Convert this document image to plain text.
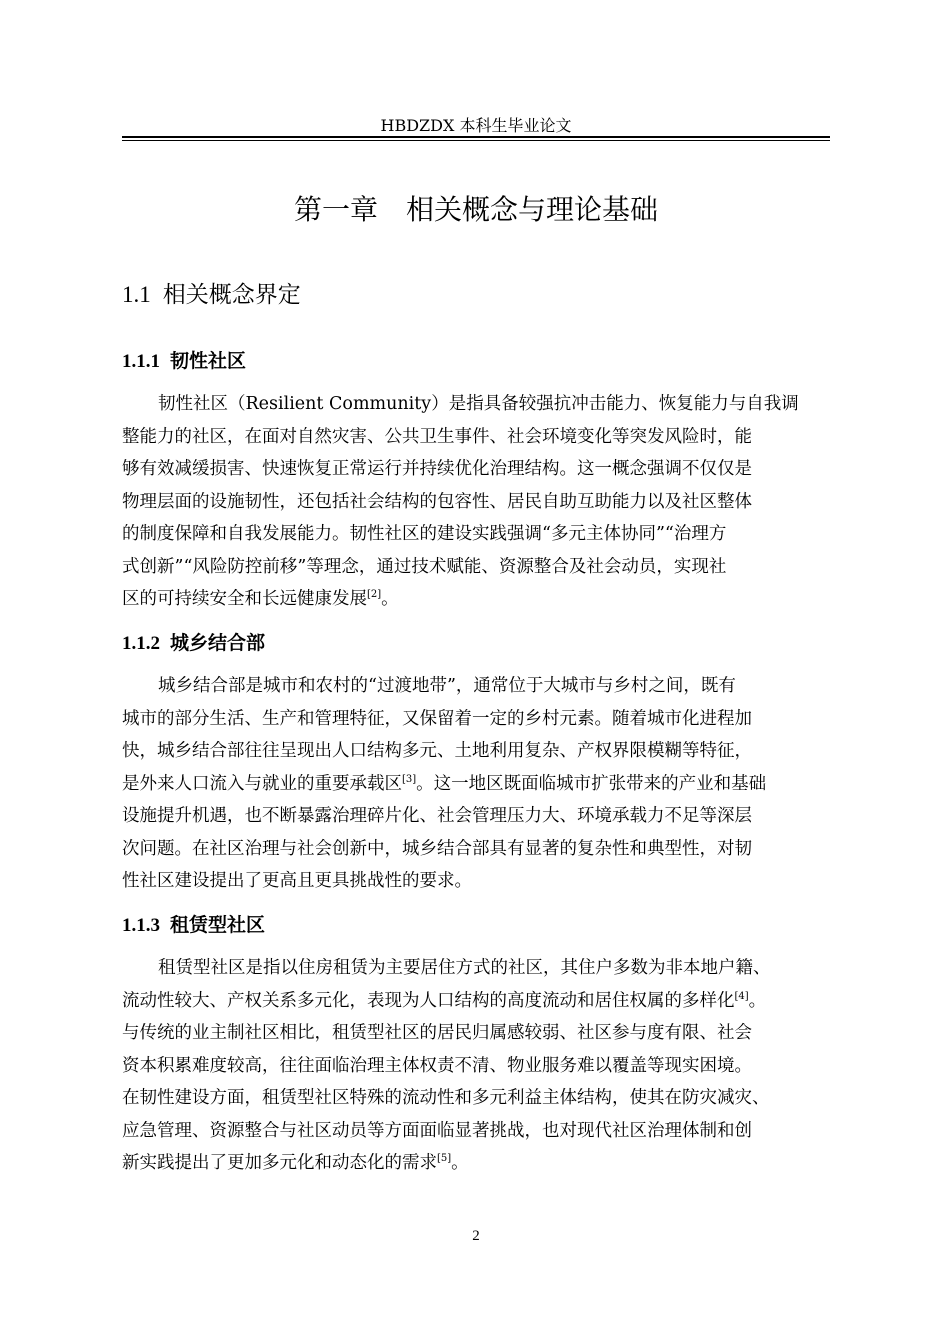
HBDZDX 本科生毕业论文
第一章　相关概念与理论基础
1.1 相关概念界定
1.1.1 韧性社区
韧性社区（Resilient Community）是指具备较强抗冲击能力、恢复能力与自我调
整能力的社区，在面对自然灾害、公共卫生事件、社会环境变化等突发风险时，能
够有效减缓损害、快速恢复正常运行并持续优化治理结构。这一概念强调不仅仅是
物理层面的设施韧性，还包括社会结构的包容性、居民自助互助能力以及社区整体
的制度保障和自我发展能力。韧性社区的建设实践强调“多元主体协同”“治理方
式创新”“风险防控前移”等理念，通过技术赋能、资源整合及社会动员，实现社
区的可持续安全和长远健康发展[2]。
1.1.2 城乡结合部
城乡结合部是城市和农村的“过渡地带”，通常位于大城市与乡村之间，既有
城市的部分生活、生产和管理特征，又保留着一定的乡村元素。随着城市化进程加
快，城乡结合部往往呈现出人口结构多元、土地利用复杂、产权界限模糊等特征，
是外来人口流入与就业的重要承载区[3]。这一地区既面临城市扩张带来的产业和基础
设施提升机遇，也不断暴露治理碎片化、社会管理压力大、环境承载力不足等深层
次问题。在社区治理与社会创新中，城乡结合部具有显著的复杂性和典型性，对韧
性社区建设提出了更高且更具挑战性的要求。
1.1.3 租赁型社区
租赁型社区是指以住房租赁为主要居住方式的社区，其住户多数为非本地户籍、
流动性较大、产权关系多元化，表现为人口结构的高度流动和居住权属的多样化[4]。
与传统的业主制社区相比，租赁型社区的居民归属感较弱、社区参与度有限、社会
资本积累难度较高，往往面临治理主体权责不清、物业服务难以覆盖等现实困境。
在韧性建设方面，租赁型社区特殊的流动性和多元利益主体结构，使其在防灾减灾、
应急管理、资源整合与社区动员等方面面临显著挑战，也对现代社区治理体制和创
新实践提出了更加多元化和动态化的需求[5]。
2
